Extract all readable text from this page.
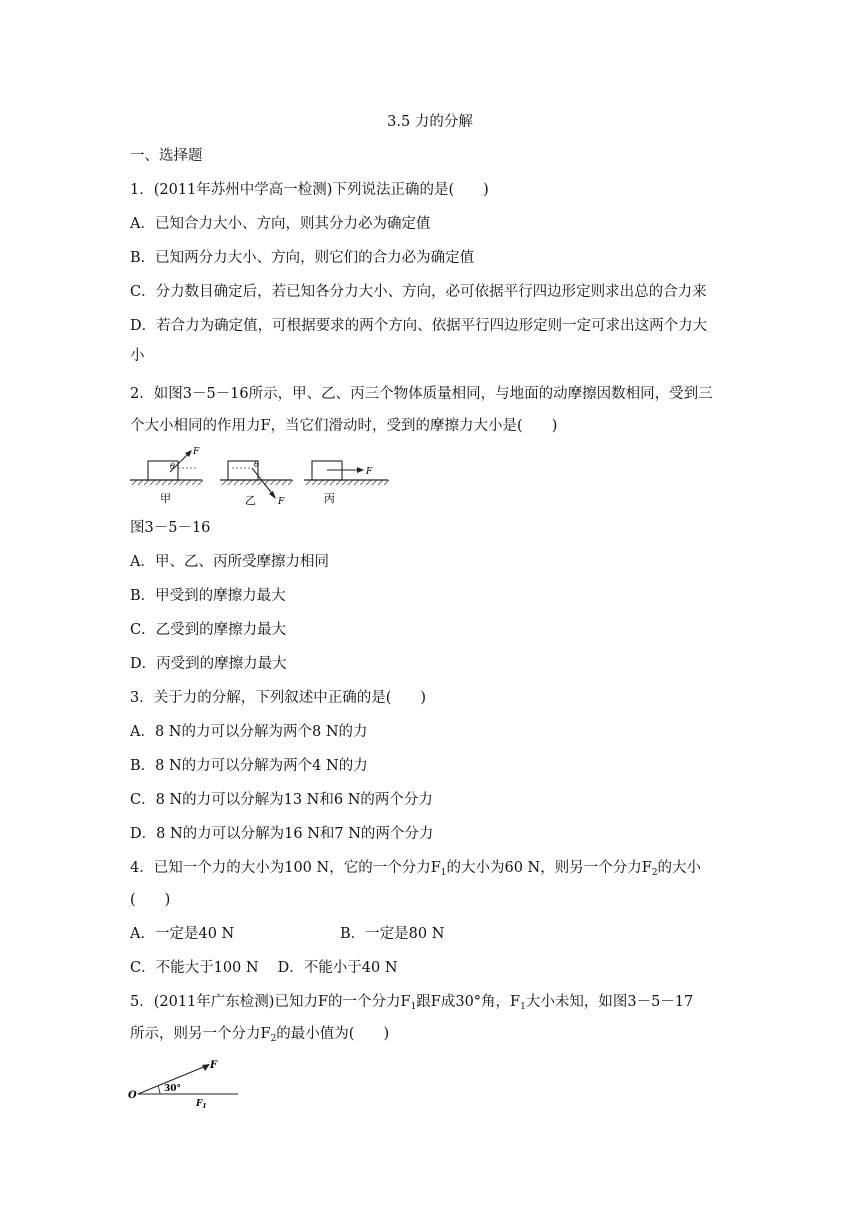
3.5 力的分解
一、选择题
1．(2011年苏州中学高一检测)下列说法正确的是(　　)
A．已知合力大小、方向，则其分力必为确定值
B．已知两分力大小、方向，则它们的合力必为确定值
C．分力数目确定后，若已知各分力大小、方向，必可依据平行四边形定则求出总的合力来
D．若合力为确定值，可根据要求的两个方向、依据平行四边形定则一定可求出这两个力大
小
2．如图3－5－16所示，甲、乙、丙三个物体质量相同，与地面的动摩擦因数相同，受到三
个大小相同的作用力F，当它们滑动时，受到的摩擦力大小是(　　)
F
θ
甲	F
θ
乙
F
丙
图3－5－16
A．甲、乙、丙所受摩擦力相同
B．甲受到的摩擦力最大
C．乙受到的摩擦力最大
D．丙受到的摩擦力最大
3．关于力的分解，下列叙述中正确的是(　　)
A．8 N的力可以分解为两个8 N的力
B．8 N的力可以分解为两个4 N的力
C．8 N的力可以分解为13 N和6 N的两个分力
D．8 N的力可以分解为16 N和7 N的两个分力
4．已知一个力的大小为100 N，它的一个分力$F_1$的大小为60 N，则另一个分力$F_2$的大小
(　　)
A．一定是40 N	B．一定是80 N
C．不能大于100 N　 D．不能小于40 N
5．(2011年广东检测)已知力F的一个分力$F_1$跟F成30°角，$F_1$大小未知，如图3－5－17
所示，则另一个分力$F_2$的最小值为(　　)
O
F
30°
$F_1$
